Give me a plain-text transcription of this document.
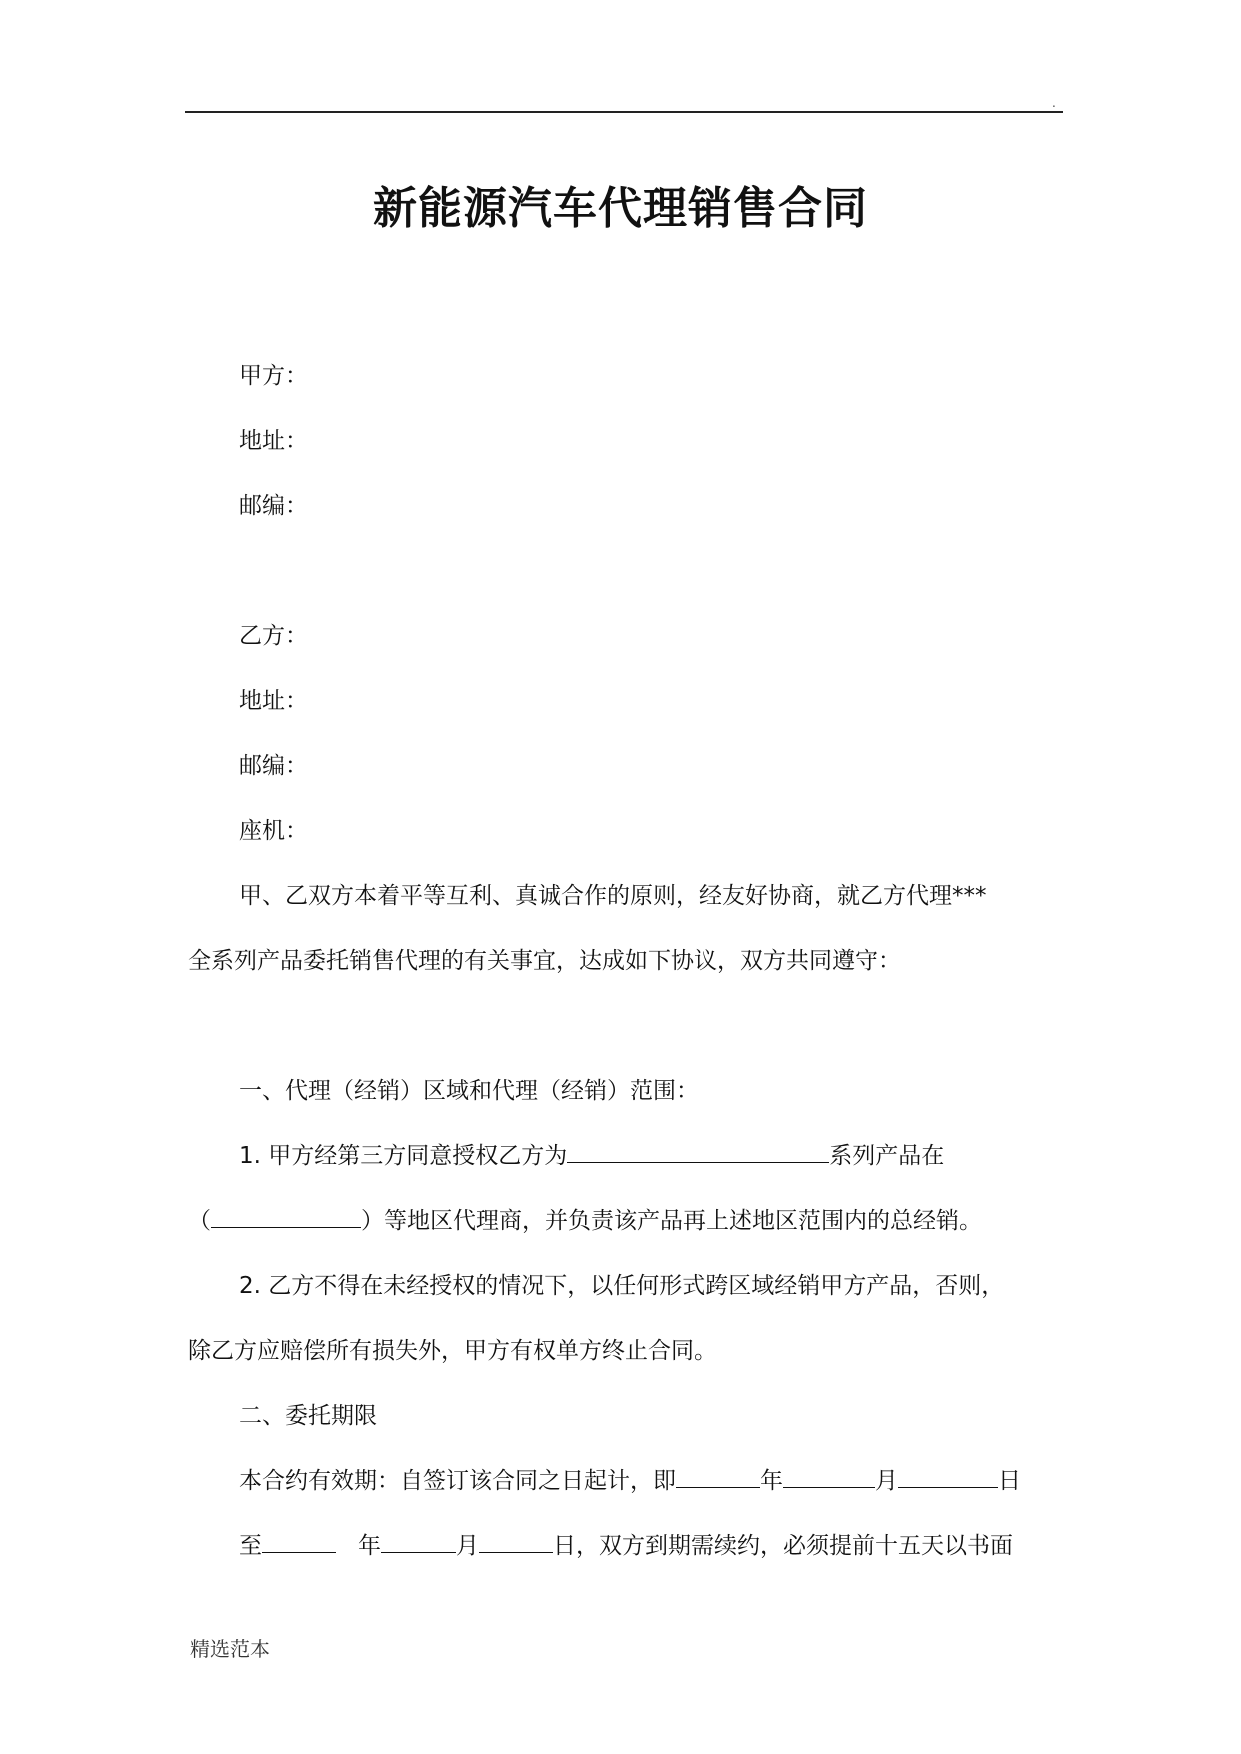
.
新能源汽车代理销售合同
甲方：
地址：
邮编：
乙方：
地址：
邮编：
座机：
甲、乙双方本着平等互利、真诚合作的原则，经友好协商，就乙方代理***
全系列产品委托销售代理的有关事宜，达成如下协议，双方共同遵守：
一、代理（经销）区域和代理（经销）范围：
1. 甲方经第三方同意授权乙方为	系列产品在
（	）等地区代理商，并负责该产品再上述地区范围内的总经销。
2. 乙方不得在未经授权的情况下，以任何形式跨区域经销甲方产品，否则，
除乙方应赔偿所有损失外，甲方有权单方终止合同。
二、委托期限
本合约有效期：自签订该合同之日起计，即	年	月	日
至	年	月	日，双方到期需续约，必须提前十五天以书面
精选范本
